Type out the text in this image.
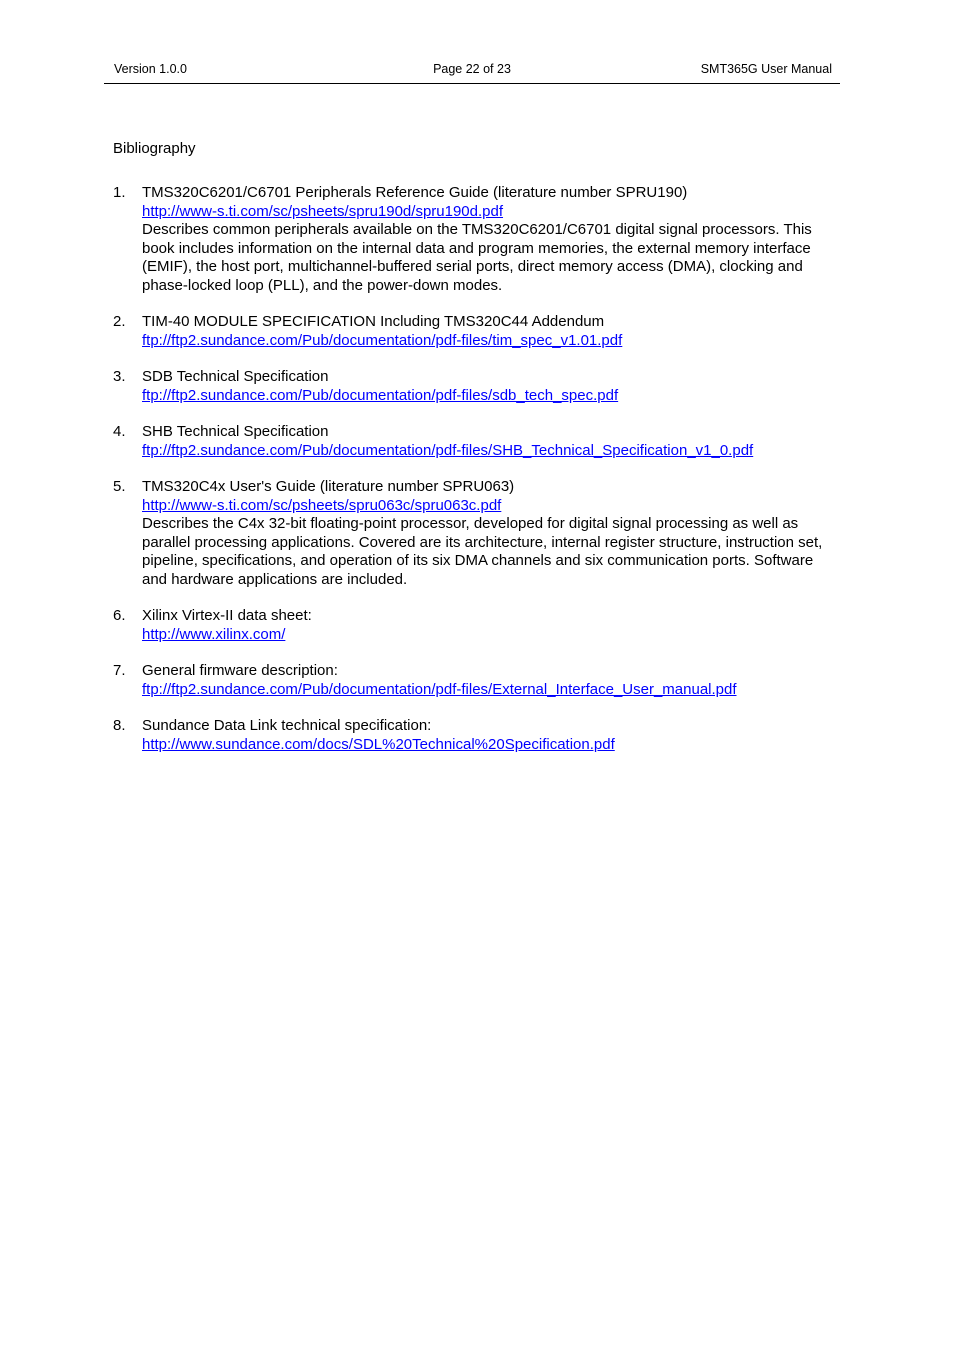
Version 1.0.0	Page 22 of 23	SMT365G User Manual
Bibliography
1. TMS320C6201/C6701 Peripherals Reference Guide (literature number SPRU190)
http://www-s.ti.com/sc/psheets/spru190d/spru190d.pdf
Describes common peripherals available on the TMS320C6201/C6701 digital signal processors. This book includes information on the internal data and program memories, the external memory interface (EMIF), the host port, multichannel-buffered serial ports, direct memory access (DMA), clocking and phase-locked loop (PLL), and the power-down modes.
2. TIM-40 MODULE SPECIFICATION Including TMS320C44 Addendum
ftp://ftp2.sundance.com/Pub/documentation/pdf-files/tim_spec_v1.01.pdf
3. SDB Technical Specification
ftp://ftp2.sundance.com/Pub/documentation/pdf-files/sdb_tech_spec.pdf
4. SHB Technical Specification
ftp://ftp2.sundance.com/Pub/documentation/pdf-files/SHB_Technical_Specification_v1_0.pdf
5. TMS320C4x User's Guide (literature number SPRU063)
http://www-s.ti.com/sc/psheets/spru063c/spru063c.pdf
Describes the C4x 32-bit floating-point processor, developed for digital signal processing as well as parallel processing applications. Covered are its architecture, internal register structure, instruction set, pipeline, specifications, and operation of its six DMA channels and six communication ports. Software and hardware applications are included.
6. Xilinx Virtex-II data sheet:
http://www.xilinx.com/
7. General firmware description:
ftp://ftp2.sundance.com/Pub/documentation/pdf-files/External_Interface_User_manual.pdf
8. Sundance Data Link technical specification:
http://www.sundance.com/docs/SDL%20Technical%20Specification.pdf
